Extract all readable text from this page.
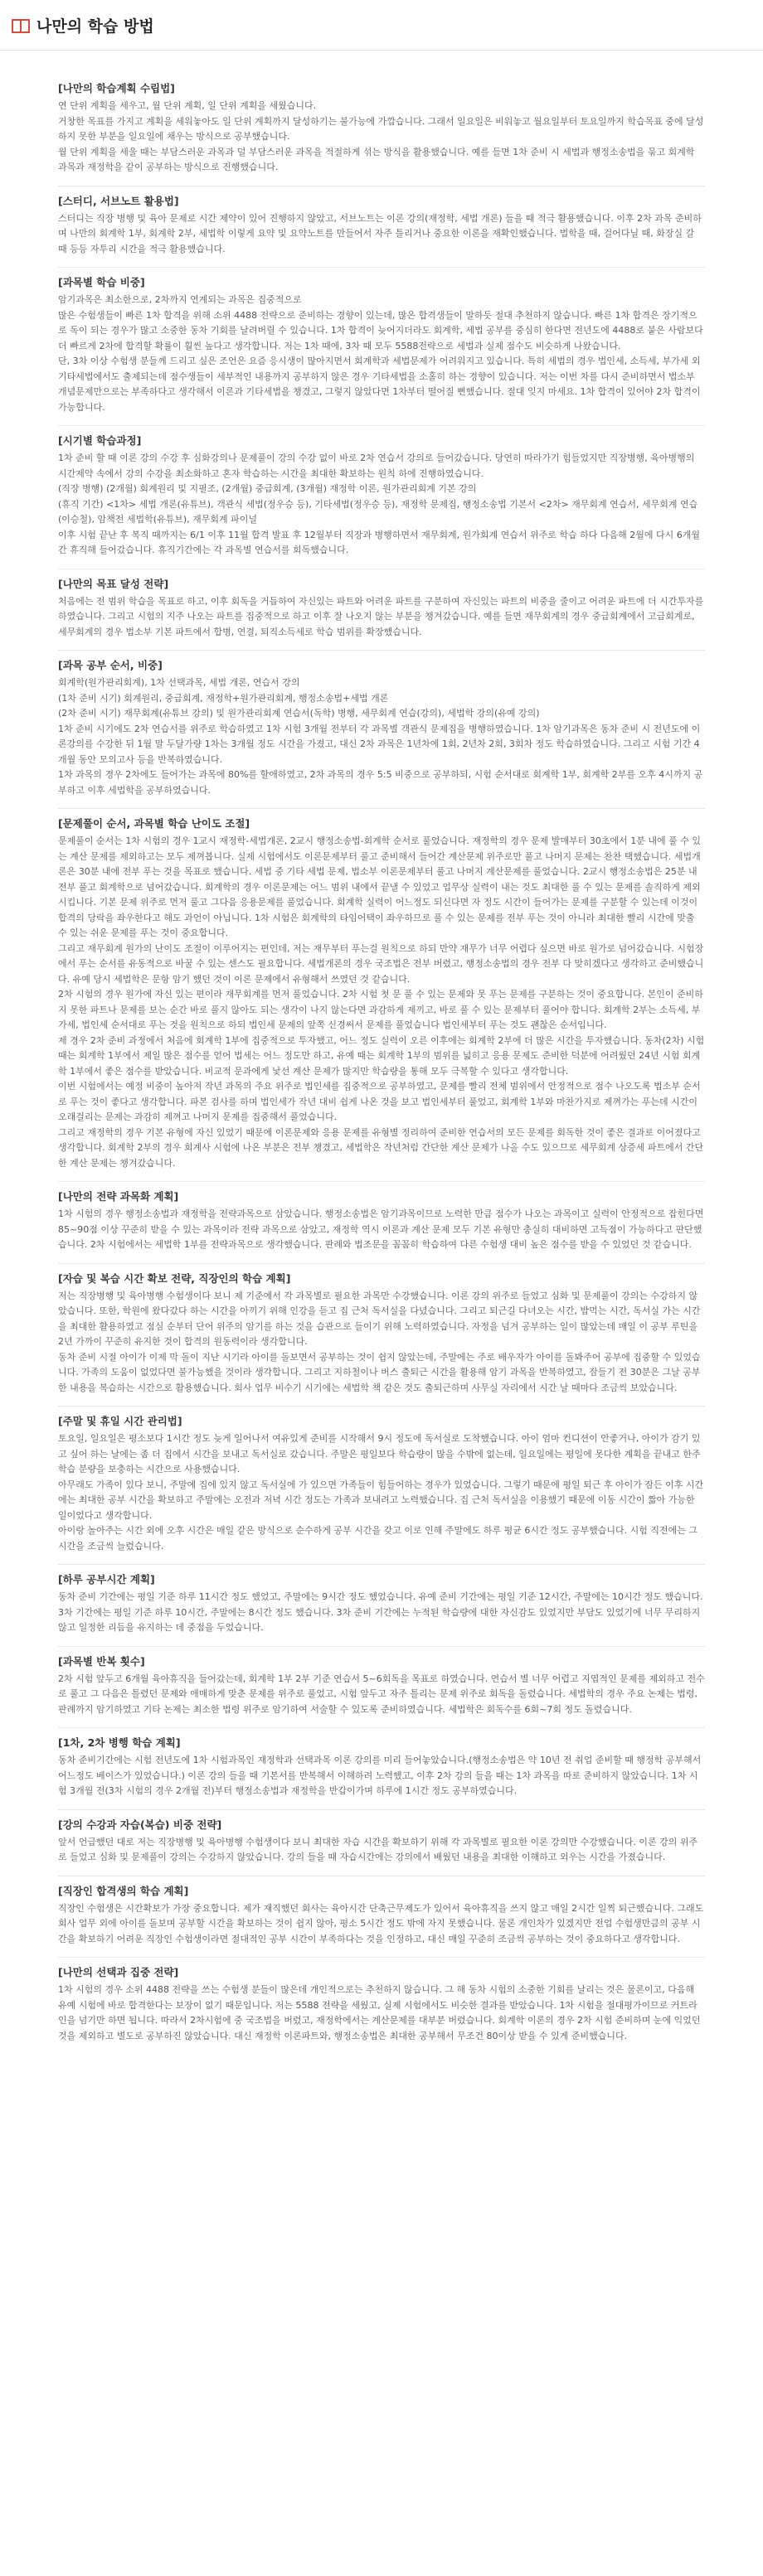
나만의 학습 방법
[나만의 학습계획 수립법]

연 단위 계획을 세우고, 월 단위 계획, 일 단위 계획을 세웠습니다.

거창한 목표를 가지고 계획을 세워놓아도 일 단위 계획까지 달성하기는 불가능에 가깝습니다. 그래서 일요일은 비워놓고 월요일부터 토요일까지 학습목표 중에 달성하지 못한 부분을 일요일에 채우는 방식으로 공부했습니다.

월 단위 계획을 세울 때는 부담스러운 과목과 덜 부담스러운 과목을 적절하게 섞는 방식을 활용했습니다. 예를 들면 1차 준비 시 세법과 행정소송법을 묶고 회계학 과목과 재정학을 같이 공부하는 방식으로 진행했습니다.

[스터디, 서브노트 활용법]

스터디는 직장 병행 및 육아 문제로 시간 제약이 있어 진행하지 않았고, 서브노트는 이론 강의(재정학, 세법 개론) 들을 때 적극 활용했습니다. 이후 2차 과목 준비하며 나만의 회계학 1부, 회계학 2부, 세법학 이렇게 요약 및 요약노트를 만들어서 자주 틀리거나 중요한 이론을 재확인했습니다. 법학을 때, 걸어다닐 때, 화장실 갈 때 등등 자투리 시간을 적극 활용했습니다.

[과목별 학습 비중]

암기과목은 최소한으로, 2차까지 연계되는 과목은 집중적으로

많은 수험생들이 빠른 1차 합격을 위해 소위 4488 전략으로 준비하는 경향이 있는데, 많은 합격생들이 말하듯 절대 추천하지 않습니다. 빠른 1차 합격은 장기적으로 독이 되는 경우가 많고 소중한 동차 기회를 날려버릴 수 있습니다. 1차 합격이 늦어지더라도 회계학, 세법 공부를 중심히 한다면 전년도에 4488로 붙은 사람보다 더 빠르게 2차에 합격할 확률이 훨씬 높다고 생각합니다. 저는 1차 때에, 3차 때 모두 5588전략으로 세법과 실제 점수도 비슷하게 나왔습니다.

단, 3차 이상 수험생 분들께 드리고 싶은 조언은 요즘 응시생이 많아지면서 회계학과 세법문제가 어려워지고 있습니다. 특히 세법의 경우 법인세, 소득세, 부가세 외 기타세법에서도 출제되는데 점수생들이 세부적인 내용까지 공부하지 않은 경우 기타세법을 소홀히 하는 경향이 있습니다. 저는 이번 차를 다시 준비하면서 법소부 개념문제만으로는 부족하다고 생각해서 이론과 기타세법을 챙겼고, 그렇지 않았다면 1차부터 떨어질 뻔했습니다. 절대 잊지 마세요. 1차 합격이 있어야 2차 합격이 가능합니다.

[시기별 학습과정]

1차 준비 할 때 이론 강의 수강 후 심화강의나 문제풀이 강의 수강 없이 바로 2차 연습서 강의로 들어갔습니다. 당연히 따라가기 힘들었지만 직장병행, 육아병행의 시간제약 속에서 강의 수강을 최소화하고 혼자 학습하는 시간을 최대한 확보하는 원칙 하에 진행하였습니다.

(직장 병행) (2개월) 회계원리 및 지필조, (2개월) 중급회계, (3개월) 재정학 이론, 원가관리회계 기본 강의

(휴직 기간) <1차> 세법 개론(유튜브), 객관식 세법(정우승 등), 기타세법(정우승 등), 재정학 문제집, 행정소송법 기본서 <2차> 재무회계 연습서, 세무회계 연습(이승철), 암책전 세법학(유튜브), 재무회계 파이널

이후 시험 끝난 후 복직 때까지는 6/1 이후 11월 합격 발표 후 12월부터 직장과 병행하면서 재무회계, 원가회계 연습서 위주로 학습 하다 다음해 2월에 다시 6개월 간 휴직해 들어갔습니다. 휴직기간에는 각 과목별 연습서를 회독했습니다.

[나만의 목표 달성 전략]

처음에는 전 범위 학습을 목표로 하고, 이후 회독을 거듭하여 자신있는 파트와 어려운 파트를 구분하여 자신있는 파트의 비중을 줄이고 어려운 파트에 더 시간투자를 하였습니다. 그리고 시험의 지주 나오는 파트를 집중적으로 하고 이후 잘 나오지 않는 부분을 챙겨갔습니다. 예를 들면 재무회계의 경우 중급회계에서 고급회계로, 세무회계의 경우 법소부 기본 파트에서 합병, 연결, 퇴직소득세로 학습 범위를 확장했습니다.

[과목 공부 순서, 비중]

회계학(원가관리회계), 1차 선택과목, 세법 개론, 연습서 강의

(1차 준비 시기) 회계원리, 중급회계, 재정학+원가관리회계, 행정소송법+세법 개론

(2차 준비 시기) 재무회계(유튜브 강의) 및 원가관리회계 연습서(독학) 병행, 세무회계 연습(강의), 세법학 강의(유예 강의)

1차 준비 시기에도 2차 연습서를 위주로 학습하였고 1차 시험 3개월 전부터 각 과목별 객관식 문제집을 병행하였습니다. 1차 암기과목은 동차 준비 시 전년도에 이론강의를 수강한 뒤 1월 말 두달가량 1차는 3개월 정도 시간을 가졌고, 대신 2차 과목은 1년차에 1회, 2년차 2회, 3회차 정도 학습하였습니다. 그리고 시험 기간 4개월 동안 모의고사 등을 반복하였습니다.

1차 과목의 경우 2차에도 들어가는 과목에 80%를 할애하였고, 2차 과목의 경우 5:5 비중으로 공부하되, 시험 순서대로 회계학 1부, 회계학 2부를 오후 4시까지 공부하고 이후 세법학을 공부하였습니다.

[문제풀이 순서, 과목별 학습 난이도 조절]

문제풀이 순서는 1차 시험의 경우 1교시 재정학-세법개론, 2교시 행정소송법-회계학 순서로 풀었습니다. 재정학의 경우 문제 발매부터 30초에서 1분 내에 풀 수 있는 계산 문제를 제외하고는 모두 제껴봅니다. 실제 시험에서도 이론문제부터 풀고 준비해서 들어간 계산문제 위주로만 풀고 나머지 문제는 찬찬 택했습니다. 세법개론은 30분 내에 전부 푸는 것을 목표로 했습니다. 세법 중 기타 세법 문제, 법소부 이론문제부터 풀고 나머지 계산문제를 풀었습니다. 2교시 행정소송법은 25분 내 전부 풀고 회계학으로 넘어갔습니다. 회계학의 경우 이론문제는 어느 범위 내에서 끝낼 수 있었고 업무상 실력이 내는 것도 최대한 풀 수 있는 문제를 솔직하게 제외시킵니다. 기본 문제 위주로 먼저 풀고 그다음 응용문제를 풀었습니다. 회계학 실력이 어느정도 되신다면 자 정도 시간이 들어가는 문제를 구분할 수 있는데 이것이 합격의 당락을 좌우한다고 해도 과언이 아닙니다. 1차 시험은 회계학의 타임어택이 좌우하므로 풀 수 있는 문제를 전부 푸는 것이 아니라 최대한 빨리 시간에 맞출 수 있는 쉬운 문제를 푸는 것이 중요합니다.

그리고 재무회계 원가의 난이도 조절이 이루어지는 편인데, 저는 재무부터 푸는걸 원칙으로 하되 만약 재무가 너무 어렵다 싶으면 바로 원가로 넘어갔습니다. 시험장에서 푸는 순서를 유동적으로 바꿀 수 있는 센스도 필요합니다. 세법개론의 경우 국조법은 전부 버렸고, 행정소송법의 경우 전부 다 맞히겠다고 생각하고 준비했습니다. 유예 당시 세법학은 문항 암기 했던 것이 이론 문제에서 유형해서 쓰였던 것 같습니다.

2차 시험의 경우 원가에 자신 있는 편이라 재무회계를 먼저 풀었습니다. 2차 시험 첫 문 풀 수 있는 문제와 못 푸는 문제를 구분하는 것이 중요합니다. 본인이 준비하지 못한 파트나 문제를 보는 순간 바로 풀지 않아도 되는 생각이 나지 않는다면 과감하게 제끼고, 바로 풀 수 있는 문제부터 풀어야 합니다. 회계학 2부는 소득세, 부가세, 법인세 순서대로 푸는 것을 원칙으로 하되 법인세 문제의 앞쪽 신경써서 문제를 풀었습니다 법인세부터 푸는 것도 괜찮은 순서입니다.

제 경우 2차 준비 과정에서 처음에 회계학 1부에 집중적으로 투자했고, 어느 정도 실력이 오른 이후에는 회계학 2부에 더 많은 시간을 투자했습니다. 동차(2차) 시험 때는 회계학 1부에서 제일 많은 점수를 얻어 법세는 어느 정도만 하고, 유예 때는 회계학 1부의 범위를 넓히고 응용 문제도 준비한 덕분에 어려웠던 24년 시험 회계학 1부에서 좋은 점수를 받았습니다. 비교적 문과에게 낯선 계산 문제가 많지만 학습량을 통해 모두 극복할 수 있다고 생각합니다.

이번 시험에서는 예정 비중이 높아져 작년 과목의 주요 위주로 법인세를 집중적으로 공부하였고, 문제를 빨리 전체 범위에서 안정적으로 점수 나오도록 법소부 순서로 푸는 것이 좋다고 생각합니다. 파본 검사를 하며 법인세가 작년 대비 쉽게 나온 것을 보고 법인세부터 풀었고, 회계학 1부와 마찬가지로 제껴가는 푸는데 시간이 오래걸리는 문제는 과감히 제껴고 나머지 문제를 집중해서 풀었습니다.

그리고 재정학의 경우 기본 유형에 자신 있었기 때문에 이론문제와 응용 문제를 유형별 정리하여 준비한 연습서의 모든 문제를 회독한 것이 좋은 결과로 이어졌다고 생각합니다. 회계학 2부의 경우 회계사 시험에 나온 부분은 전부 챙겼고, 세법학은 작년처럼 간단한 계산 문제가 나올 수도 있으므로 세무회계 상증세 파트에서 간단한 계산 문제는 챙겨갔습니다.

[나만의 전략 과목화 계획]

1차 시험의 경우 행정소송법과 재정학을 전략과목으로 삼았습니다. 행정소송법은 암기과목이므로 노력한 만큼 점수가 나오는 과목이고 실력이 안정적으로 잡힌다면 85~90점 이상 꾸준히 받을 수 있는 과목이라 전략 과목으로 삼았고, 재정학 역시 이론과 계산 문제 모두 기본 유형만 충실히 대비하면 고득점이 가능하다고 판단했습니다. 2차 시험에서는 세법학 1부를 전략과목으로 생각했습니다. 판례와 법조문을 꼼꼼히 학습하여 다른 수험생 대비 높은 점수를 받을 수 있었던 것 같습니다.

[자습 및 복습 시간 확보 전략, 직장인의 학습 계획]

저는 직장병행 및 육아병행 수험생이다 보니 제 기준에서 각 과목별로 필요한 과목만 수강했습니다. 이론 강의 위주로 들었고 심화 및 문제풀이 강의는 수강하지 않았습니다. 또한, 학원에 왔다갔다 하는 시간을 아끼기 위해 인강을 듣고 집 근처 독서실을 다녔습니다. 그리고 퇴근길 다녀오는 시간, 밥먹는 시간, 독서실 가는 시간을 최대한 활용하였고 점심 순부터 단어 위주의 암기를 하는 것을 습관으로 들이기 위해 노력하였습니다. 자정을 넘겨 공부하는 일이 많았는데 매일 이 공부 루틴을 2년 가까이 꾸준히 유지한 것이 합격의 원동력이라 생각합니다.

동차 준비 시절 아이가 이제 막 돌이 지난 시기라 아이를 돌보면서 공부하는 것이 쉽지 않았는데, 주말에는 주로 배우자가 아이를 돌봐주어 공부에 집중할 수 있었습니다. 가족의 도움이 없었다면 불가능했을 것이라 생각합니다. 그리고 지하철이나 버스 출퇴근 시간을 활용해 암기 과목을 반복하였고, 잠들기 전 30분은 그날 공부한 내용을 복습하는 시간으로 활용했습니다. 회사 업무 비수기 시기에는 세법학 책 같은 것도 출퇴근하며 사무실 자리에서 시간 날 때마다 조금씩 보았습니다.

[주말 및 휴일 시간 관리법]

토요일, 일요일은 평소보다 1시간 정도 늦게 일어나서 여유있게 준비를 시작해서 9시 정도에 독서실로 도착했습니다. 아이 엄마 컨디션이 안좋거나, 아이가 감기 있고 싶어 하는 날에는 좀 더 집에서 시간을 보내고 독서실로 갔습니다. 주말은 평일보다 학습량이 많을 수밖에 없는데, 일요일에는 평일에 못다한 계획을 끝내고 한주 학습 분량을 보충하는 시간으로 사용했습니다.

아무래도 가족이 있다 보니, 주말에 집에 있지 않고 독서실에 가 있으면 가족들이 힘들어하는 경우가 있었습니다. 그렇기 때문에 평일 퇴근 후 아이가 잠든 이후 시간에는 최대한 공부 시간을 확보하고 주말에는 오전과 저녁 시간 정도는 가족과 보내려고 노력했습니다. 집 근처 독서실을 이용했기 때문에 이동 시간이 짧아 가능한 일이었다고 생각합니다.

아이랑 놀아주는 시간 외에 오후 시간은 매일 같은 방식으로 순수하게 공부 시간을 갖고 이로 인해 주말에도 하루 평균 6시간 정도 공부했습니다. 시험 직전에는 그 시간을 조금씩 늘렸습니다.

[하루 공부시간 계획]

동차 준비 기간에는 평일 기준 하루 11시간 정도 했었고, 주말에는 9시간 정도 했었습니다. 유예 준비 기간에는 평일 기준 12시간, 주말에는 10시간 정도 했습니다. 3차 기간에는 평일 기준 하루 10시간, 주말에는 8시간 정도 했습니다. 3차 준비 기간에는 누적된 학습량에 대한 자신감도 있었지만 부담도 있었기에 너무 무리하지 않고 일정한 리듬을 유지하는 데 중점을 두었습니다.

[과목별 반복 횟수]

2차 시험 앞두고 6개월 육아휴직을 들어갔는데, 회계학 1부 2부 기준 연습서 5~6회독을 목표로 하였습니다. 연습서 별 너무 어렵고 지엽적인 문제를 제외하고 전수로 풀고 그 다음은 틀렸던 문제와 애매하게 맞춘 문제를 위주로 풀었고, 시험 앞두고 자주 틀리는 문제 위주로 회독을 돌렸습니다. 세법학의 경우 주요 논제는 법령, 판례까지 암기하였고 기타 논제는 최소한 법령 위주로 암기하여 서술할 수 있도록 준비하였습니다. 세법학은 회독수를 6회~7회 정도 돌렸습니다.

[1차, 2차 병행 학습 계획]

동차 준비기간에는 시험 전년도에 1차 시험과목인 재정학과 선택과목 이론 강의를 미리 들어놓았습니다.(행정소송법은 약 10년 전 취업 준비할 때 행정학 공부해서 어느정도 베이스가 있었습니다.) 이론 강의 들을 때 기본서를 반복해서 이해하려 노력했고, 이후 2차 강의 들을 때는 1차 과목을 따로 준비하지 않았습니다. 1차 시험 3개월 전(3차 시험의 경우 2개월 전)부터 행정소송법과 재정학을 반갑이가며 하루에 1시간 정도 공부하였습니다.

[강의 수강과 자습(복습) 비중 전략]

앞서 언급했던 대로 저는 직장병행 및 육아병행 수험생이다 보니 최대한 자습 시간을 확보하기 위해 각 과목별로 필요한 이론 강의만 수강했습니다. 이론 강의 위주로 들었고 심화 및 문제풀이 강의는 수강하지 않았습니다. 강의 들을 때 자습시간에는 강의에서 배웠던 내용을 최대한 이해하고 외우는 시간을 가졌습니다.

[직장인 합격생의 학습 계획]

직장인 수험생은 시간확보가 가장 중요합니다. 제가 재직했던 회사는 육아시간 단축근무제도가 있어서 육아휴직을 쓰지 않고 매일 2시간 일찍 퇴근했습니다. 그래도 회사 업무 외에 아이를 돌보며 공부할 시간을 확보하는 것이 쉽지 않아, 평소 5시간 정도 밖에 자지 못했습니다. 물론 개인차가 있겠지만 전업 수험생만큼의 공부 시간을 확보하기 어려운 직장인 수험생이라면 절대적인 공부 시간이 부족하다는 것을 인정하고, 대신 매일 꾸준히 조금씩 공부하는 것이 중요하다고 생각합니다.

[나만의 선택과 집중 전략]

1차 시험의 경우 소위 4488 전략을 쓰는 수험생 분들이 많은데 개인적으로는 추천하지 않습니다. 그 해 동차 시험의 소중한 기회를 날리는 것은 물론이고, 다음해 유예 시험에 바로 합격한다는 보장이 없기 때문입니다. 저는 5588 전략을 세웠고, 실제 시험에서도 비슷한 결과를 받았습니다. 1차 시험을 절대평가이므로 커트라인을 넘기만 하면 됩니다. 따라서 2차시험에 중 국조법을 버렸고, 재정학에서는 계산문제를 대부분 버렸습니다. 회계학 이론의 경우 2차 시험 준비하며 눈에 익었던 것을 제외하고 별도로 공부하진 않았습니다. 대신 재정학 이론파트와, 행정소송법은 최대한 공부해서 무조건 80이상 받을 수 있게 준비했습니다.
